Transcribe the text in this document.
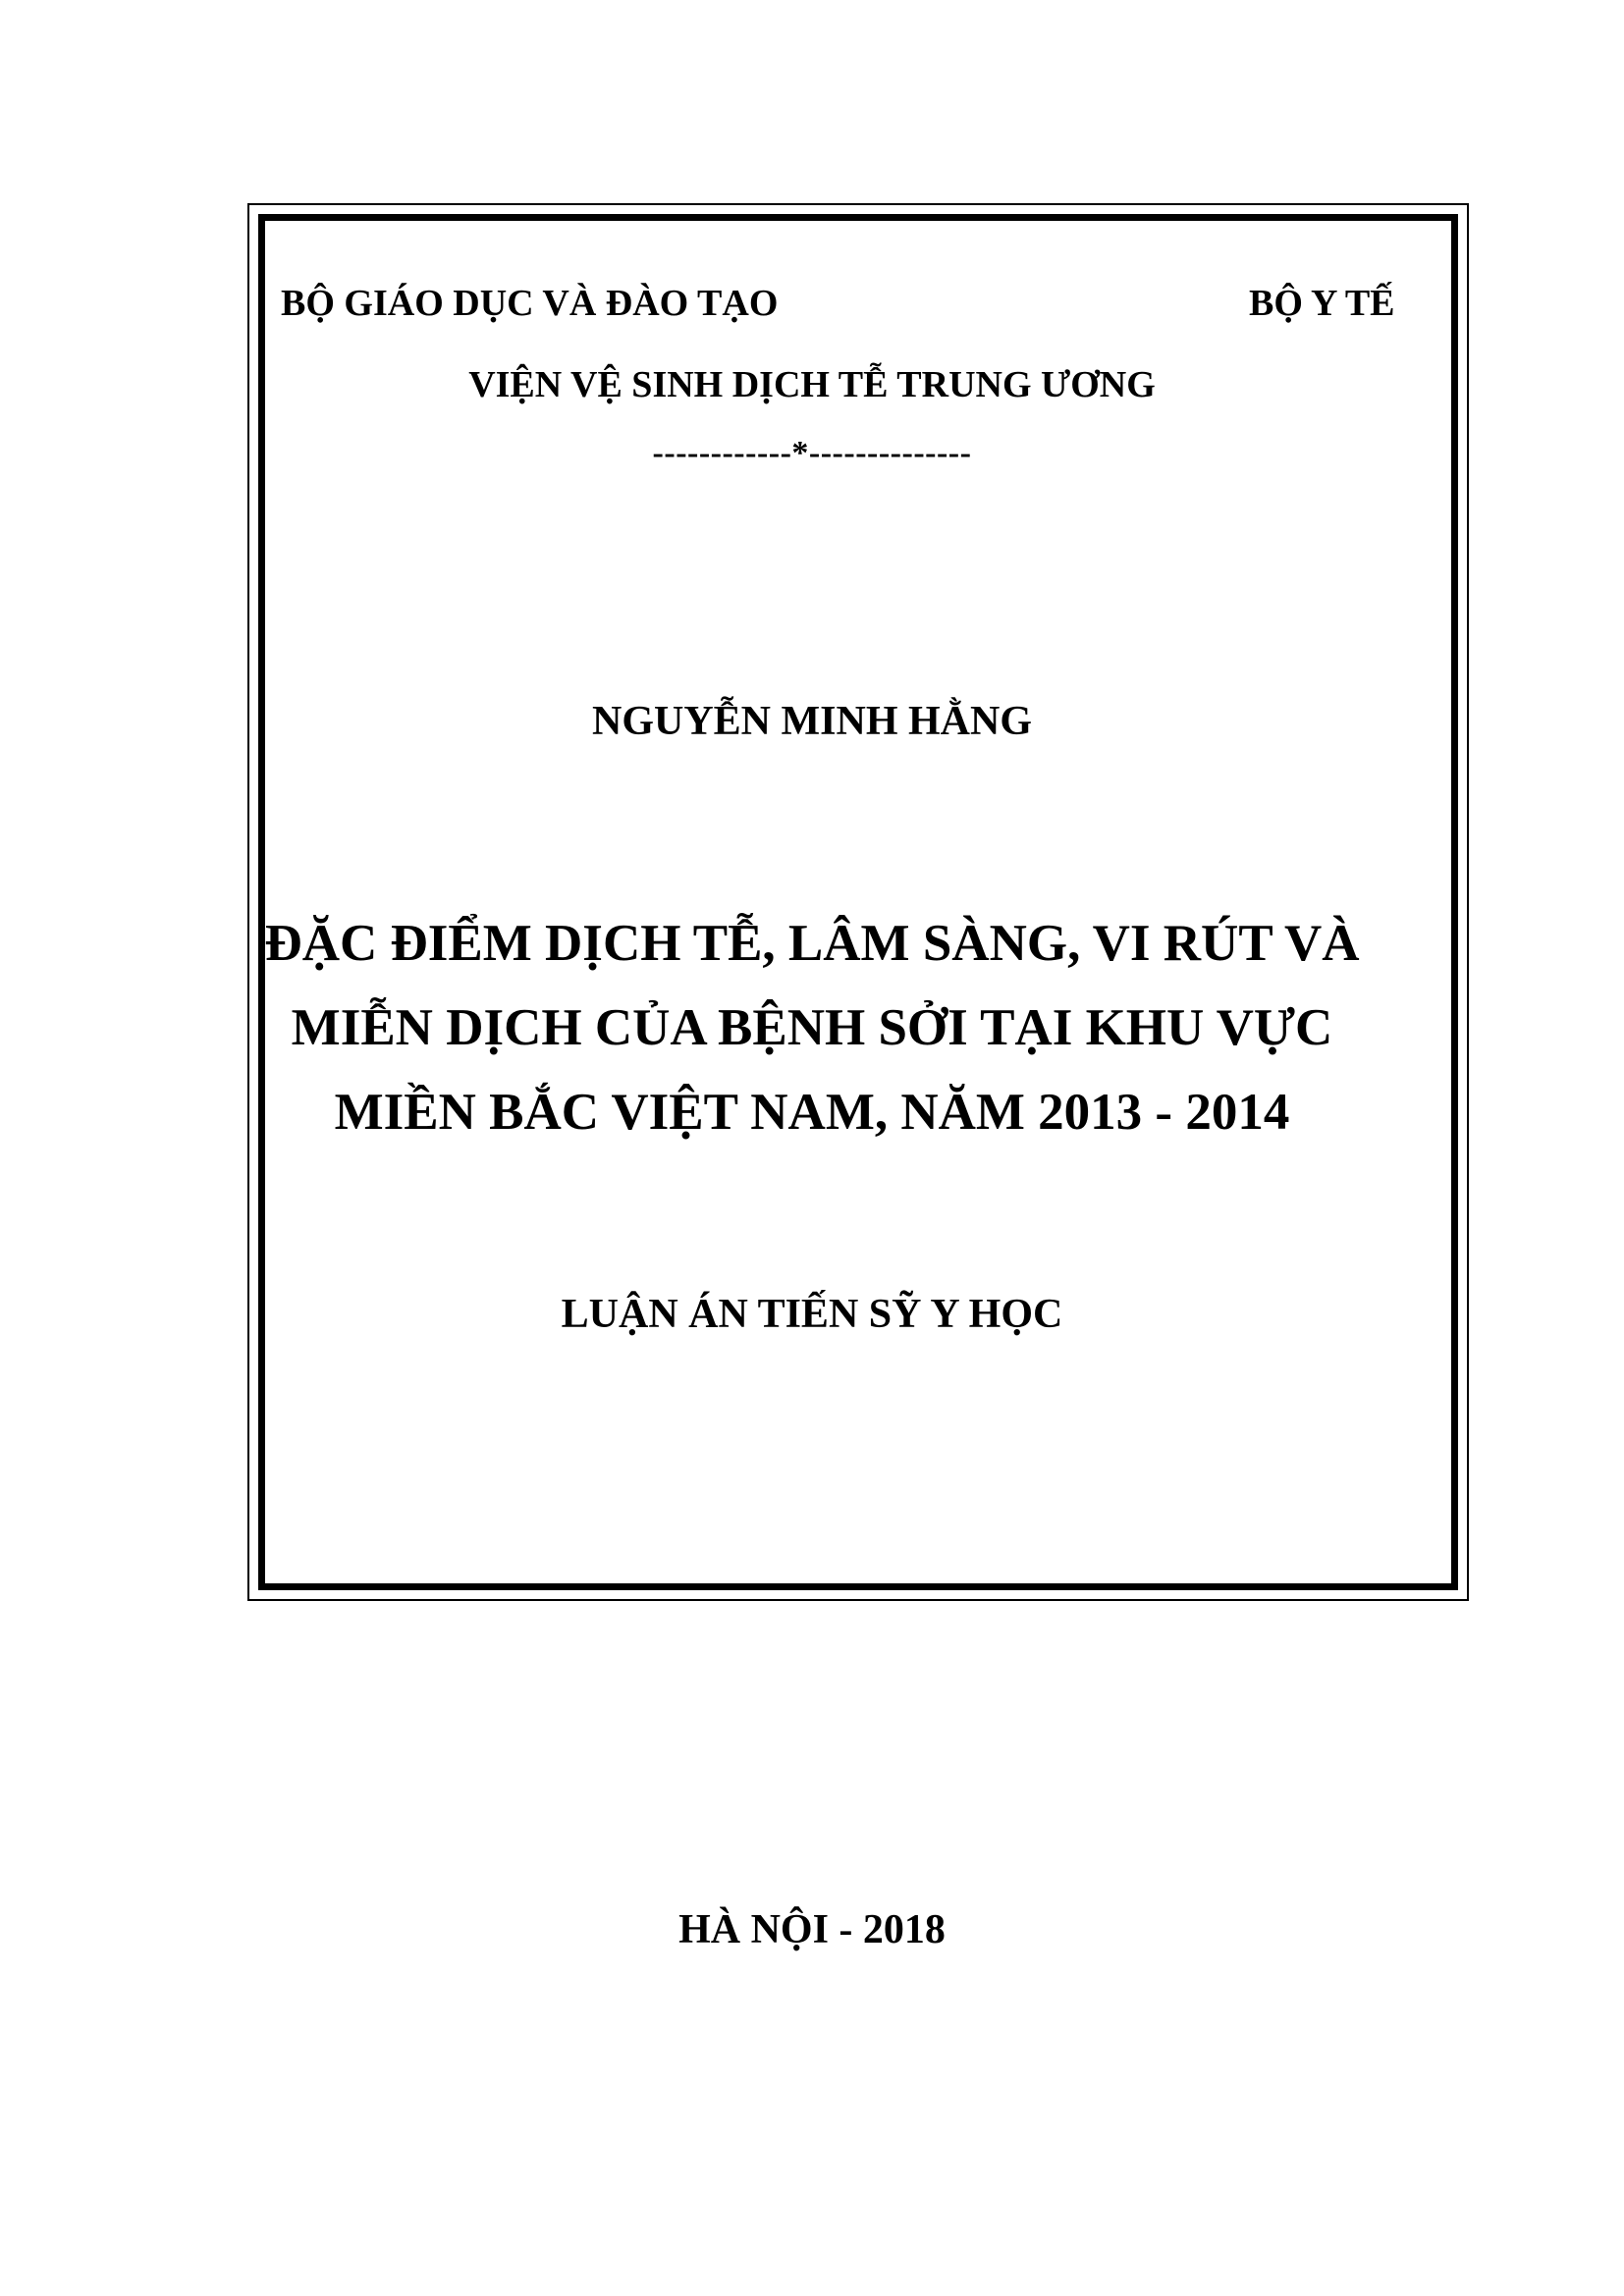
BỘ GIÁO DỤC VÀ ĐÀO TẠO	BỘ Y TẾ
VIỆN VỆ SINH DỊCH TỄ TRUNG ƯƠNG
------------*--------------
NGUYỄN MINH HẰNG
ĐẶC ĐIỂM DỊCH TỄ, LÂM SÀNG, VI RÚT VÀ
MIỄN DỊCH CỦA BỆNH SỞI TẠI KHU VỰC
MIỀN BẮC VIỆT NAM, NĂM 2013 - 2014
LUẬN ÁN TIẾN SỸ Y HỌC
HÀ NỘI - 2018
